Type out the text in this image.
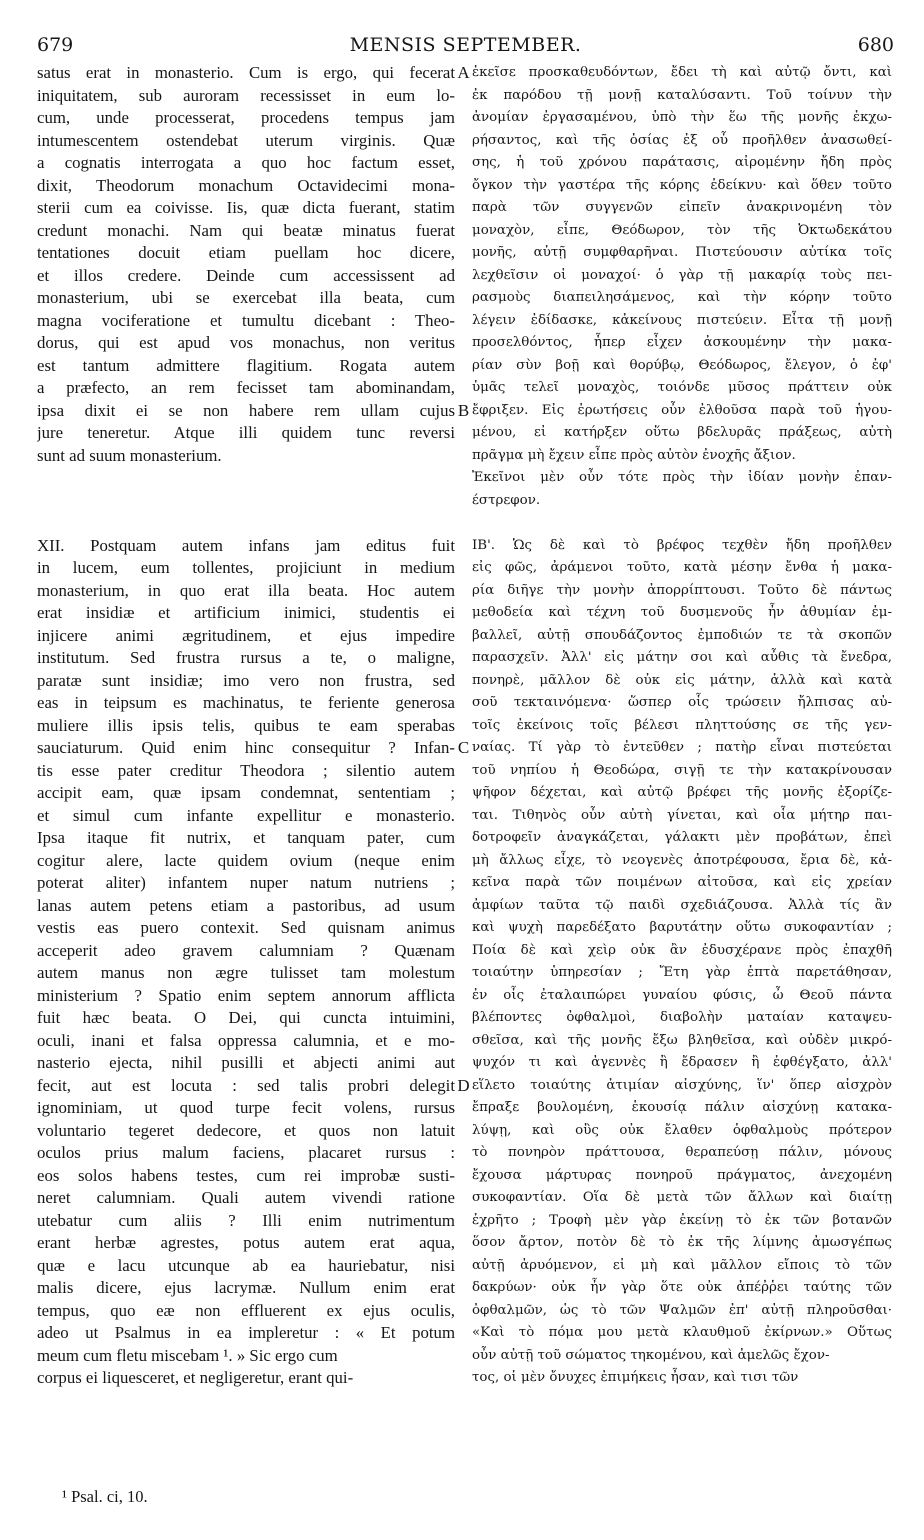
679	MENSIS SEPTEMBER.	680
satus erat in monasterio. Cum is ergo, qui fecerat
iniquitatem, sub auroram recessisset in eum lo-
cum, unde processerat, procedens tempus jam
intumescentem ostendebat uterum virginis. Quæ
a cognatis interrogata a quo hoc factum esset,
dixit, Theodorum monachum Octavidecimi mona-
sterii cum ea coivisse. Iis, quæ dicta fuerant, statim
credunt monachi. Nam qui beatæ minatus fuerat
tentationes docuit etiam puellam hoc dicere,
et illos credere. Deinde cum accessissent ad
monasterium, ubi se exercebat illa beata, cum
magna vociferatione et tumultu dicebant : Theo-
dorus, qui est apud vos monachus, non veritus
est tantum admittere flagitium. Rogata autem
a præfecto, an rem fecisset tam abominandam,
ipsa dixit ei se non habere rem ullam cujus
jure teneretur. Atque illi quidem tunc reversi
sunt ad suum monasterium.
XII. Postquam autem infans jam editus fuit
in lucem, eum tollentes, projiciunt in medium
monasterium, in quo erat illa beata. Hoc autem
erat insidiæ et artificium inimici, studentis ei
injicere animi ægritudinem, et ejus impedire
institutum. Sed frustra rursus a te, o maligne,
paratæ sunt insidiæ; imo vero non frustra, sed
eas in teipsum es machinatus, te feriente generosa
muliere illis ipsis telis, quibus te eam sperabas
sauciaturum. Quid enim hinc consequitur ? Infan-
tis esse pater creditur Theodora ; silentio autem
accipit eam, quæ ipsam condemnat, sententiam ;
et simul cum infante expellitur e monasterio.
Ipsa itaque fit nutrix, et tanquam pater, cum
cogitur alere, lacte quidem ovium (neque enim
poterat aliter) infantem nuper natum nutriens ;
lanas autem petens etiam a pastoribus, ad usum
vestis eas puero contexit. Sed quisnam animus
acceperit adeo gravem calumniam ? Quænam
autem manus non ægre tulisset tam molestum
ministerium ? Spatio enim septem annorum afflicta
fuit hæc beata. O Dei, qui cuncta intuimini,
oculi, inani et falsa oppressa calumnia, et e mo-
nasterio ejecta, nihil pusilli et abjecti animi aut
fecit, aut est locuta : sed talis probri delegit
ignominiam, ut quod turpe fecit volens, rursus
voluntario tegeret dedecore, et quos non latuit
oculos prius malum faciens, placaret rursus :
eos solos habens testes, cum rei improbæ susti-
neret calumniam. Quali autem vivendi ratione
utebatur cum aliis ? Illi enim nutrimentum
erant herbæ agrestes, potus autem erat aqua,
quæ e lacu utcunque ab ea hauriebatur, nisi
malis dicere, ejus lacrymæ. Nullum enim erat
tempus, quo eæ non effluerent ex ejus oculis,
adeo ut Psalmus in ea impleretur : « Et potum
meum cum fletu miscebam ¹. » Sic ergo cum
corpus ei liquesceret, et negligeretur, erant qui-
ἐκεῖσε προσκαθευδόντων, ἔδει τὴ καὶ αὐτῷ ὄντι, καὶ
ἐκ παρόδου τῇ μονῇ καταλύσαντι. Τοῦ τοίνυν τὴν
ἀνομίαν ἐργασαμένου, ὑπὸ τὴν ἕω τῆς μονῆς ἐκχω-
ρήσαντος, καὶ τῆς ὁσίας ἐξ οὗ προῆλθεν ἀνασωθεί-
σης, ἡ τοῦ χρόνου παράτασις, αἰρομένην ἤδη πρὸς
ὄγκον τὴν γαστέρα τῆς κόρης ἐδείκνυ· καὶ ὅθεν τοῦτο
παρὰ τῶν συγγενῶν εἰπεῖν ἀνακρινομένη τὸν
μοναχὸν, εἶπε, Θεόδωρον, τὸν τῆς Ὀκτωδεκάτου
μονῆς, αὐτῇ συμφθαρῆναι. Πιστεύουσιν αὐτίκα τοῖς
λεχθεῖσιν οἱ μοναχοί· ὁ γὰρ τῇ μακαρίᾳ τοὺς πει-
ρασμοὺς διαπειλησάμενος, καὶ τὴν κόρην τοῦτο
λέγειν ἐδίδασκε, κἀκείνους πιστεύειν. Εἶτα τῇ μονῇ
προσελθόντος, ἧπερ εἶχεν ἀσκουμένην τὴν μακα-
ρίαν σὺν βοῇ καὶ θορύβῳ, Θεόδωρος, ἔλεγον, ὁ ἐφ'
ὑμᾶς τελεῖ μοναχὸς, τοιόνδε μῦσος πράττειν οὐκ
ἔφριξεν. Εἰς ἐρωτήσεις οὖν ἐλθοῦσα παρὰ τοῦ ἡγου-
μένου, εἰ κατήρξεν οὕτω βδελυρᾶς πράξεως, αὐτὴ
πρᾶγμα μὴ ἔχειν εἶπε πρὸς αὐτὸν ἐνοχῆς ἄξιον.
Ἐκεῖνοι μὲν οὖν τότε πρὸς τὴν ἰδίαν μονὴν ἐπαν-
έστρεφον.
ΙΒ'. Ὡς δὲ καὶ τὸ βρέφος τεχθὲν ἤδη προῆλθεν
εἰς φῶς, ἀράμενοι τοῦτο, κατὰ μέσην ἔνθα ἡ μακα-
ρία διῆγε τὴν μονὴν ἀπορρίπτουσι. Τοῦτο δὲ πάντως
μεθοδεία καὶ τέχνη τοῦ δυσμενοῦς ἦν ἀθυμίαν ἐμ-
βαλλεῖ, αὐτῇ σπουδάζοντος ἐμποδιών τε τὰ σκοπῶν
παρασχεῖν. Ἀλλ' εἰς μάτην σοι καὶ αὖθις τὰ ἔνεδρα,
πονηρὲ, μᾶλλον δὲ οὐκ εἰς μάτην, ἀλλὰ καὶ κατὰ
σοῦ τεκταινόμενα· ὥσπερ οἷς τρώσειν ἤλπισας αὐ-
τοῖς ἐκείνοις τοῖς βέλεσι πληττούσης σε τῆς γεν-
ναίας. Τί γὰρ τὸ ἐντεῦθεν ; πατὴρ εἶναι πιστεύεται
τοῦ νηπίου ἡ Θεοδώρα, σιγῇ τε τὴν κατακρίνουσαν
ψῆφον δέχεται, καὶ αὐτῷ βρέφει τῆς μονῆς ἐξορίζε-
ται. Τιθηνὸς οὖν αὐτὴ γίνεται, καὶ οἷα μήτηρ παι-
δοτροφεῖν ἀναγκάζεται, γάλακτι μὲν προβάτων, ἐπεὶ
μὴ ἄλλως εἶχε, τὸ νεογενὲς ἀποτρέφουσα, ἔρια δὲ, κἀ-
κεῖνα παρὰ τῶν ποιμένων αἰτοῦσα, καὶ εἰς χρείαν
ἀμφίων ταῦτα τῷ παιδὶ σχεδιάζουσα. Ἀλλὰ τίς ἂν
καὶ ψυχὴ παρεδέξατο βαρυτάτην οὕτω συκοφαντίαν ;
Ποία δὲ καὶ χεὶρ οὐκ ἂν ἐδυσχέρανε πρὸς ἐπαχθῆ
τοιαύτην ὑπηρεσίαν ; Ἔτη γὰρ ἑπτὰ παρετάθησαν,
ἐν οἷς ἐταλαιπώρει γυναίου φύσις, ὦ Θεοῦ πάντα
βλέποντες ὀφθαλμοὶ, διαβολὴν ματαίαν καταψευ-
σθεῖσα, καὶ τῆς μονῆς ἔξω βληθεῖσα, καὶ οὐδὲν μικρό-
ψυχόν τι καὶ ἀγεννὲς ἢ ἔδρασεν ἢ ἐφθέγξατο, ἀλλ'
εἵλετο τοιαύτης ἀτιμίαν αἰσχύνης, ἵν' ὅπερ αἰσχρὸν
ἔπραξε βουλομένη, ἑκουσίᾳ πάλιν αἰσχύνῃ κατακα-
λύψῃ, καὶ οὓς οὐκ ἔλαθεν ὀφθαλμοὺς πρότερον
τὸ πονηρὸν πράττουσα, θεραπεύσῃ πάλιν, μόνους
ἔχουσα μάρτυρας πονηροῦ πράγματος, ἀνεχομένη
συκοφαντίαν. Οἵα δὲ μετὰ τῶν ἄλλων καὶ διαίτῃ
ἐχρῆτο ; Τροφὴ μὲν γὰρ ἐκείνῃ τὸ ἐκ τῶν βοτανῶν
ὅσον ἄρτον, ποτὸν δὲ τὸ ἐκ τῆς λίμνης ἀμωσγέπως
αὐτῇ ἀρυόμενον, εἰ μὴ καὶ μᾶλλον εἴποις τὸ τῶν
δακρύων· οὐκ ἦν γὰρ ὅτε οὐκ ἀπέῤῥει ταύτης τῶν
ὀφθαλμῶν, ὡς τὸ τῶν Ψαλμῶν ἐπ' αὐτῇ πληροῦσθαι·
«Καὶ τὸ πόμα μου μετὰ κλαυθμοῦ ἐκίρνων.» Οὕτως
οὖν αὐτῇ τοῦ σώματος τηκομένου, καὶ ἀμελῶς ἔχον-
τος, οἱ μὲν ὄνυχες ἐπιμήκεις ἦσαν, καὶ τισι τῶν
A
B
C
D
¹ Psal. ci, 10.
